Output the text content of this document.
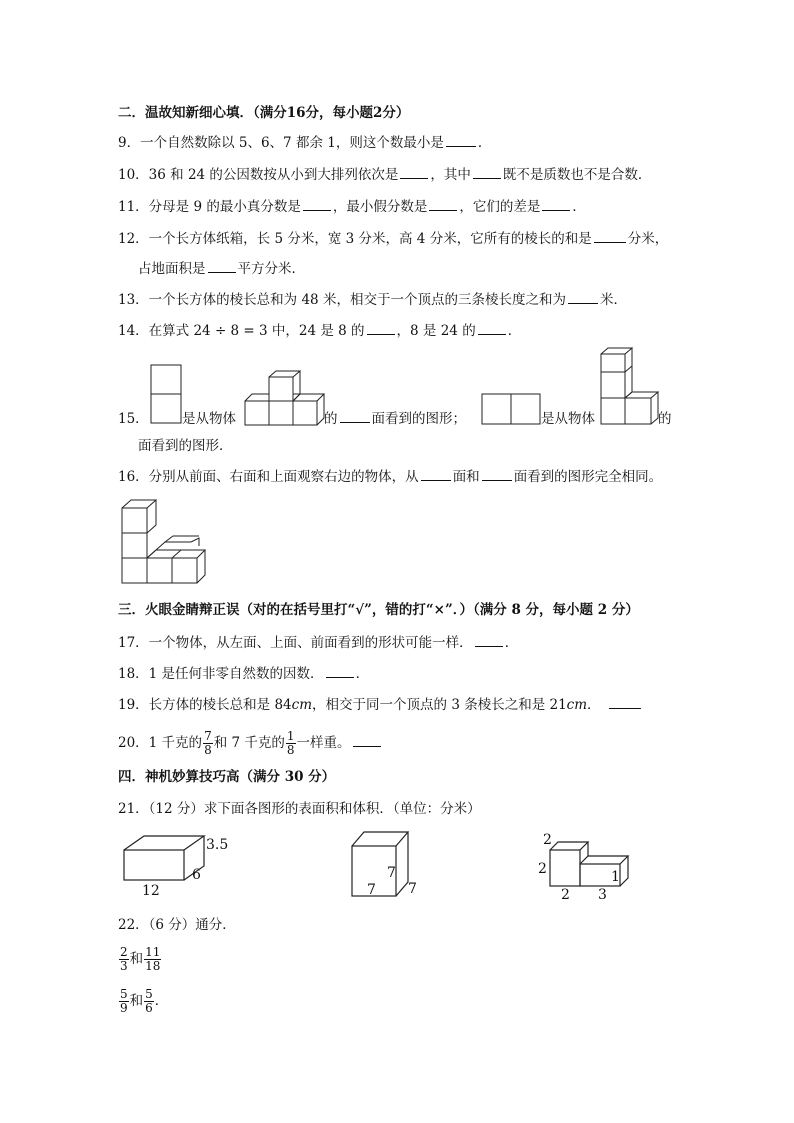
二．温故知新细心填．（满分16分，每小题2分）
9．一个自然数除以 5、6、7 都余 1，则这个数最小是	．
10．36 和 24 的公因数按从小到大排列依次是 ，其中 既不是质数也不是合数．
11．分母是 9 的最小真分数是 ，最小假分数是 ，它们的差是 ．
12．一个长方体纸箱，长 5 分米，宽 3 分米，高 4 分米，它所有的棱长的和是	分米，
占地面积是 平方分米．
13．一个长方体的棱长总和为 48 米，相交于一个顶点的三条棱长度之和为	米．
14．在算式 24 ÷ 8 = 3 中，24 是 8 的 ，8 是 24 的 ．
15． 是从物体	的	面看到的图形；	是从物体	的
面看到的图形．
16．分别从前面、右面和上面观察右边的物体，从	面和	面看到的图形完全相同。
三．火眼金睛辩正误（对的在括号里打“√”，错的打“×”．）（满分 8 分，每小题 2 分）
17．一个物体，从左面、上面、前面看到的形状可能一样． ．
18．1 是任何非零自然数的因数． ．
19．长方体的棱长总和是 84cm，相交于同一个顶点的 3 条棱长之和是 21cm．
20．1 千克的 $\frac{7}{8}$ 和 7 千克的 $\frac{1}{8}$ 一样重。
四．神机妙算技巧高（满分 30 分）
21．（12 分）求下面各图形的表面积和体积．（单位：分米）
3.5
6
12
7
7
7
2
2
2 3
1
22．（6 分）通分．
$\frac{2}{3}$ 和 $\frac{11}{18}$
$\frac{5}{9}$ 和 $\frac{5}{6}$ ．
